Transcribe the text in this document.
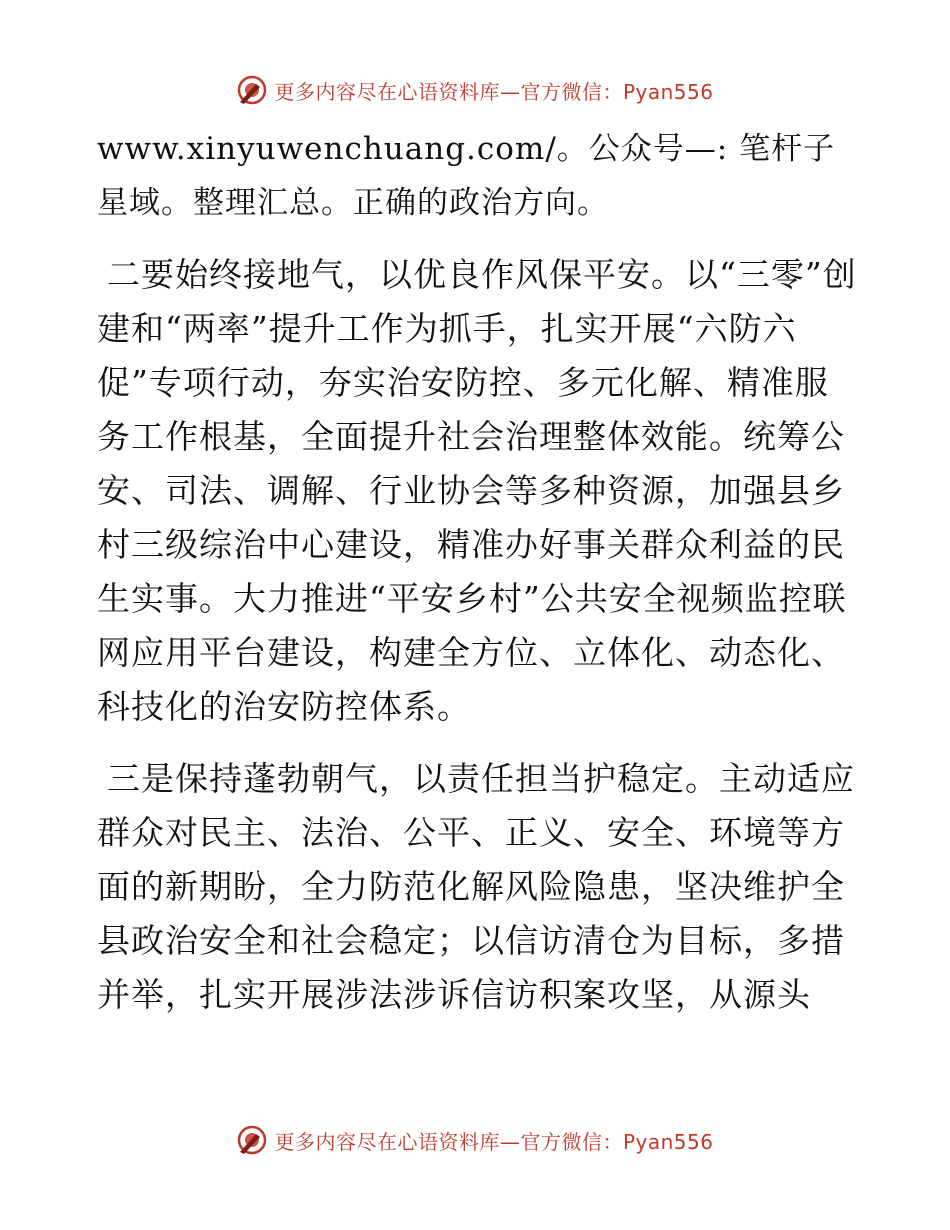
更多内容尽在心语资料库—官方微信：Pyan556

www.xinyuwenchuang.com/。公众号—: 笔杆子星域。整理汇总。正确的政治方向。

二要始终接地气，以优良作风保平安。以“三零”创建和“两率”提升工作为抓手，扎实开展“六防六促”专项行动，夯实治安防控、多元化解、精准服务工作根基，全面提升社会治理整体效能。统筹公安、司法、调解、行业协会等多种资源，加强县乡村三级综治中心建设，精准办好事关群众利益的民生实事。大力推进“平安乡村”公共安全视频监控联网应用平台建设，构建全方位、立体化、动态化、科技化的治安防控体系。

三是保持蓬勃朝气，以责任担当护稳定。主动适应群众对民主、法治、公平、正义、安全、环境等方面的新期盼，全力防范化解风险隐患，坚决维护全县政治安全和社会稳定；以信访清仓为目标，多措并举，扎实开展涉法涉诉信访积案攻坚，从源头

更多内容尽在心语资料库—官方微信：Pyan556
